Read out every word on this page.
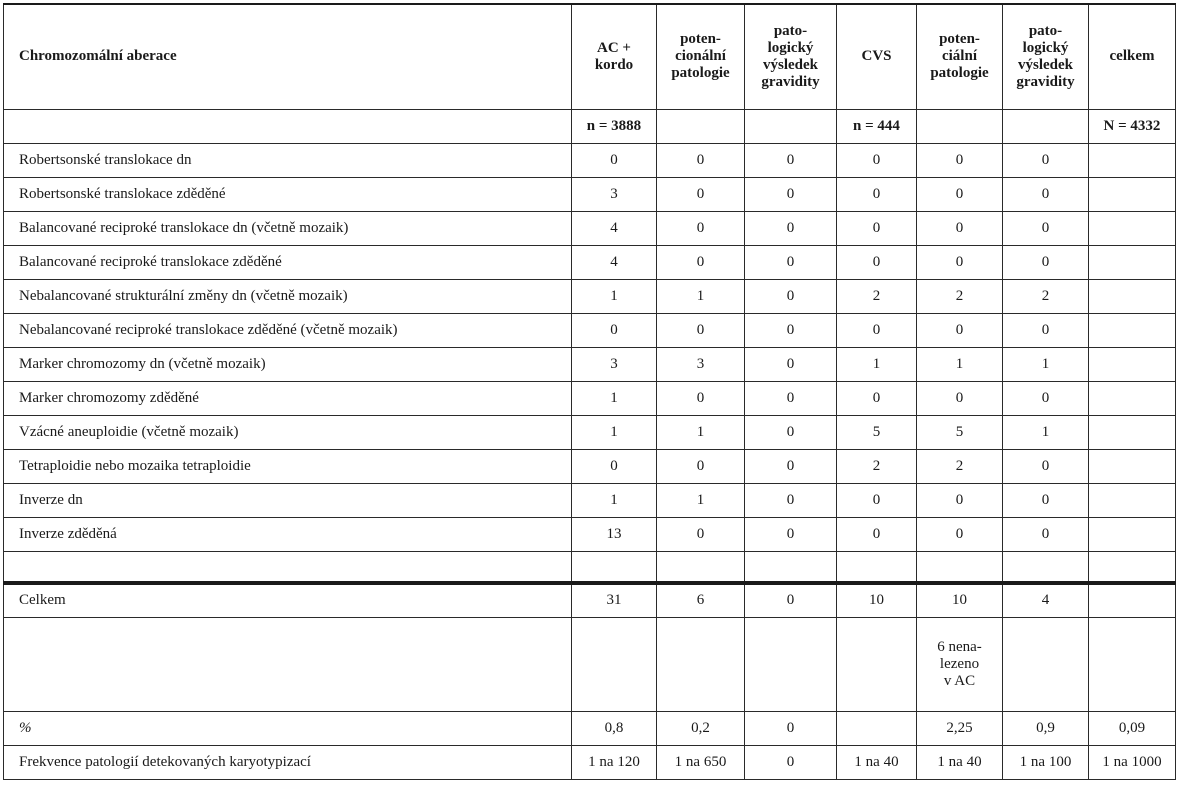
Chromozomální aberace	AC +
kordo	poten-
cionální
patologie	pato-
logický
výsledek
gravidity	CVS	poten-
ciální
patologie	pato-
logický
výsledek
gravidity	celkem

	n = 3888			n = 444			N = 4332
Robertsonské translokace dn	0	0	0	0	0	0	
Robertsonské translokace zděděné	3	0	0	0	0	0	
Balancované reciproké translokace dn (včetně mozaik)	4	0	0	0	0	0	
Balancované reciproké translokace zděděné	4	0	0	0	0	0	
Nebalancované strukturální změny dn (včetně mozaik)	1	1	0	2	2	2	
Nebalancované reciproké translokace zděděné (včetně mozaik)	0	0	0	0	0	0	
Marker chromozomy dn (včetně mozaik)	3	3	0	1	1	1	
Marker chromozomy zděděné	1	0	0	0	0	0	
Vzácné aneuploidie (včetně mozaik)	1	1	0	5	5	1	
Tetraploidie nebo mozaika tetraploidie	0	0	0	2	2	0	
Inverze dn	1	1	0	0	0	0	
Inverze zděděná	13	0	0	0	0	0	

Celkem	31	6	0	10	10	4	

					6 nena-
lezeno
v AC		

%	0,8	0,2	0		2,25	0,9	0,09
Frekvence patologií detekovaných karyotypizací	1 na 120	1 na 650	0	1 na 40	1 na 40	1 na 100	1 na 1000
